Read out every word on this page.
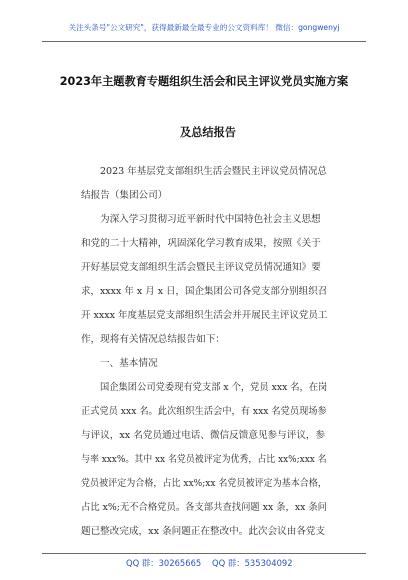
关注头条号"公文研究"，获得最新最全最专业的公文资料库！ 微信：gongwenyj
2023年主题教育专题组织生活会和民主评议党员实施方案
及总结报告
2023 年基层党支部组织生活会暨民主评议党员情况总
结报告（集团公司）
为深入学习贯彻习近平新时代中国特色社会主义思想
和党的二十大精神，巩固深化学习教育成果，按照《关于
开好基层党支部组织生活会暨民主评议党员情况通知》要
求，xxxx 年 x 月 x 日，国企集团公司各党支部分别组织召
开 xxxx 年度基层党支部组织生活会并开展民主评议党员工
作，现将有关情况总结报告如下：
一、基本情况
国企集团公司党委现有党支部 x 个，党员 xxx 名，在岗
正式党员 xxx 名。此次组织生活会中，有 xxx 名党员现场参
与评议，xx 名党员通过电话、微信反馈意见参与评议，参
与率 xxx%。其中 xx 名党员被评定为优秀，占比 xx%;xxx 名
党员被评定为合格，占比 xx%;xx 名党员被评定为基本合格，
占比 x%;无不合格党员。各支部共查找问题 xx 条，xx 条问
题已整改完成，xx 条问题正在整改中。此次会议由各党支
QQ 群：30265665 QQ 群：535304092
